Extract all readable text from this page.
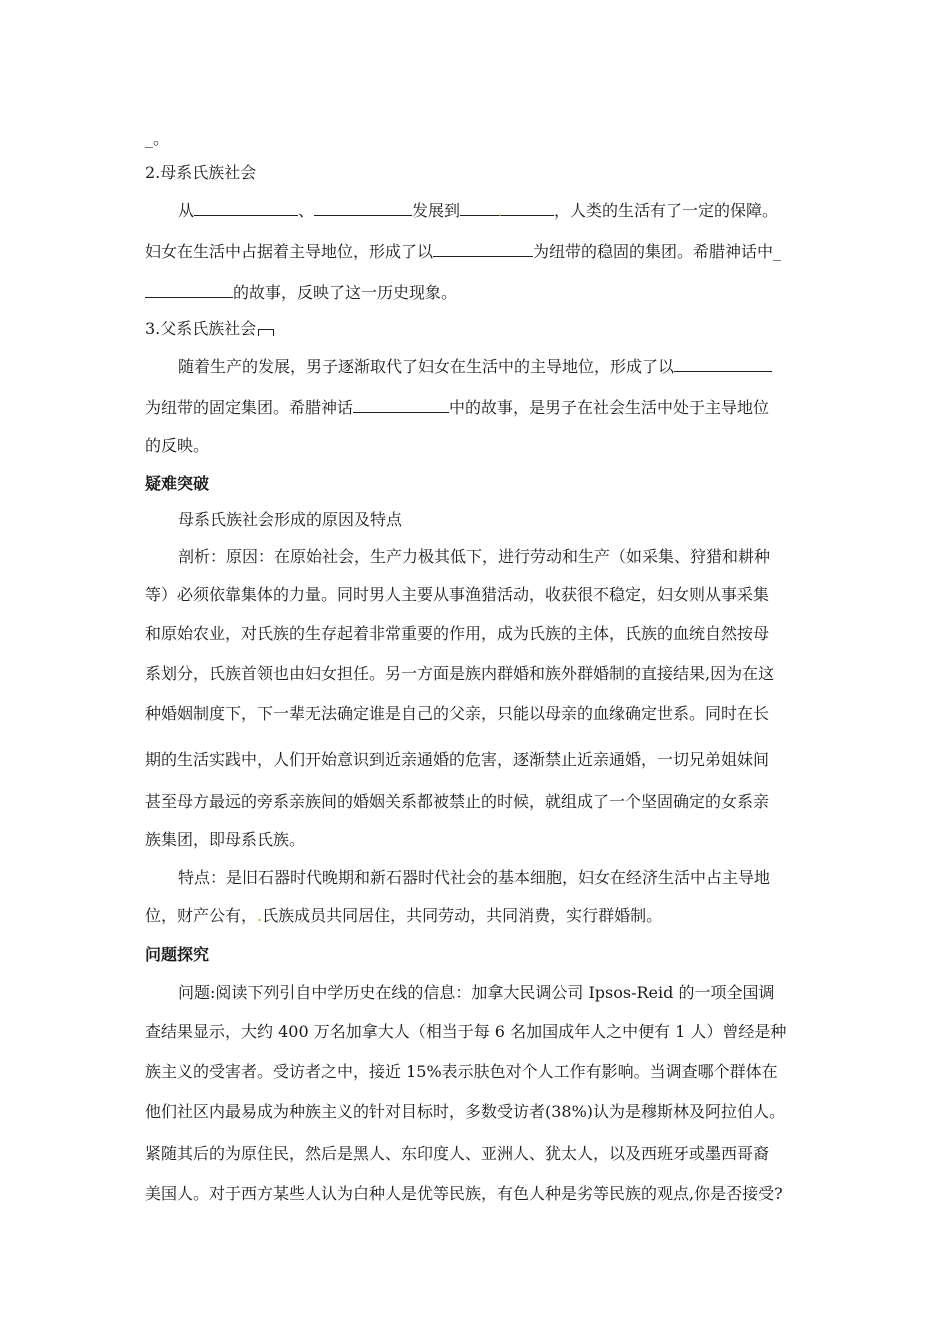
_。
2.母系氏族社会
从	、	发展到	.	，人类的生活有了一定的保障。
妇女在生活中占据着主导地位，形成了以	为纽带的稳固的集团。希腊神话中_
的故事，反映了这一历史现象。
3.父系氏族社会
随着生产的发展，男子逐渐取代了妇女在生活中的主导地位，形成了以
为纽带的固定集团。希腊神话	中的故事，是男子在社会生活中处于主导地位
的反映。
疑难突破
母系氏族社会形成的原因及特点
剖析：原因：在原始社会，生产力极其低下，进行劳动和生产（如采集、狩猎和耕种
等）必须依靠集体的力量。同时男人主要从事渔猎活动，收获很不稳定，妇女则从事采集
和原始农业，对氏族的生存起着非常重要的作用，成为氏族的主体，氏族的血统自然按母
系划分，氏族首领也由妇女担任。另一方面是族内群婚和族外群婚制的直接结果,因为在这
种婚姻制度下，下一辈无法确定谁是自己的父亲，只能以母亲的血缘确定世系。同时在长
期的生活实践中，人们开始意识到近亲通婚的危害，逐渐禁止近亲通婚，一切兄弟姐妹间
甚至母方最远的旁系亲族间的婚姻关系都被禁止的时候，就组成了一个坚固确定的女系亲
族集团，即母系氏族。
特点：是旧石器时代晚期和新石器时代社会的基本细胞，妇女在经济生活中占主导地
位，财产公有，.氏族成员共同居住，共同劳动，共同消费，实行群婚制。
问题探究
问题:阅读下列引自中学历史在线的信息：加拿大民调公司 Ipsos-Reid 的一项全国调
查结果显示，大约 400 万名加拿大人（相当于每 6 名加国成年人之中便有 1 人）曾经是种
族主义的受害者。受访者之中，接近 15%表示肤色对个人工作有影响。当调查哪个群体在
他们社区内最易成为种族主义的针对目标时，多数受访者(38%)认为是穆斯林及阿拉伯人。
紧随其后的为原住民，然后是黑人、东印度人、亚洲人、犹太人，以及西班牙或墨西哥裔
美国人。对于西方某些人认为白种人是优等民族，有色人种是劣等民族的观点,你是否接受?
